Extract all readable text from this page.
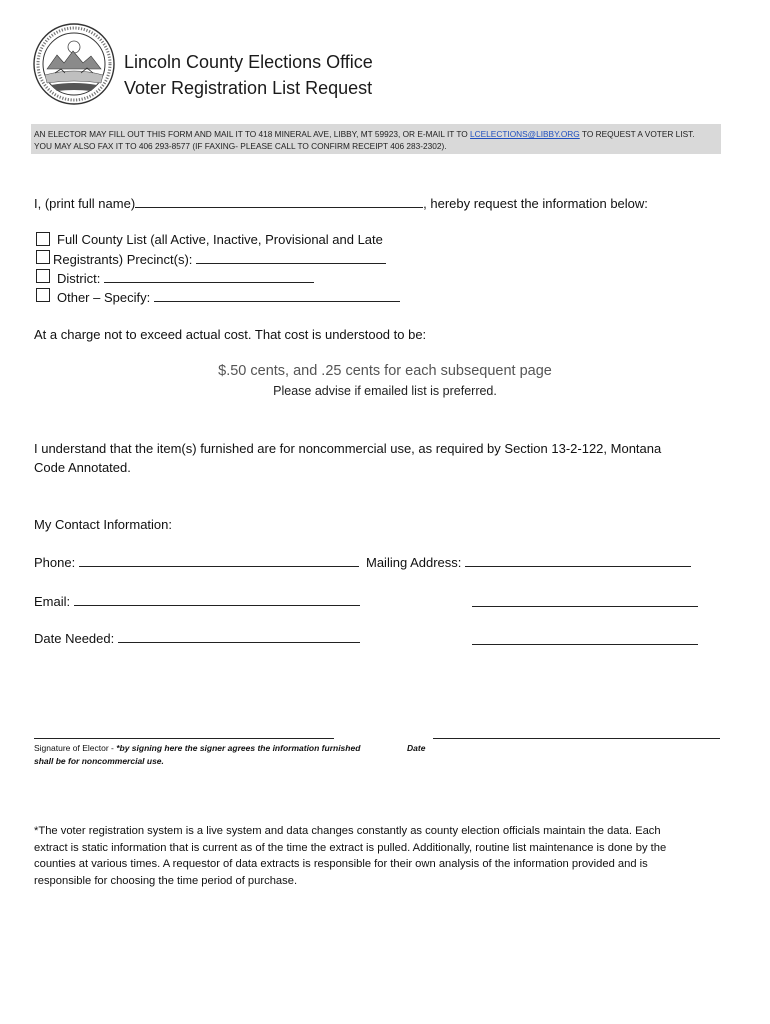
Lincoln County Elections Office
Voter Registration List Request
AN ELECTOR MAY FILL OUT THIS FORM AND MAIL IT TO 418 MINERAL AVE, LIBBY, MT 59923, OR E-MAIL IT TO LCELECTIONS@LIBBY.ORG TO REQUEST A VOTER LIST.
YOU MAY ALSO FAX IT TO 406 293-8577 (IF FAXING- PLEASE CALL TO CONFIRM RECEIPT 406 283-2302).
I, (print full name)	, hereby request the information below:
Full County List (all Active, Inactive, Provisional and Late
Registrants) Precinct(s):
District:
Other – Specify:
At a charge not to exceed actual cost. That cost is understood to be:
$.50 cents, and .25 cents for each subsequent page
Please advise if emailed list is preferred.
I understand that the item(s) furnished are for noncommercial use, as required by Section 13-2-122, Montana
Code Annotated.
My Contact Information:
Phone:	Mailing Address:
Email:
Date Needed:
Signature of Elector - *by signing here the signer agrees the information furnished
shall be for noncommercial use.
Date
*The voter registration system is a live system and data changes constantly as county election officials maintain the data. Each
extract is static information that is current as of the time the extract is pulled. Additionally, routine list maintenance is done by the
counties at various times. A requestor of data extracts is responsible for their own analysis of the information provided and is
responsible for choosing the time period of purchase.
